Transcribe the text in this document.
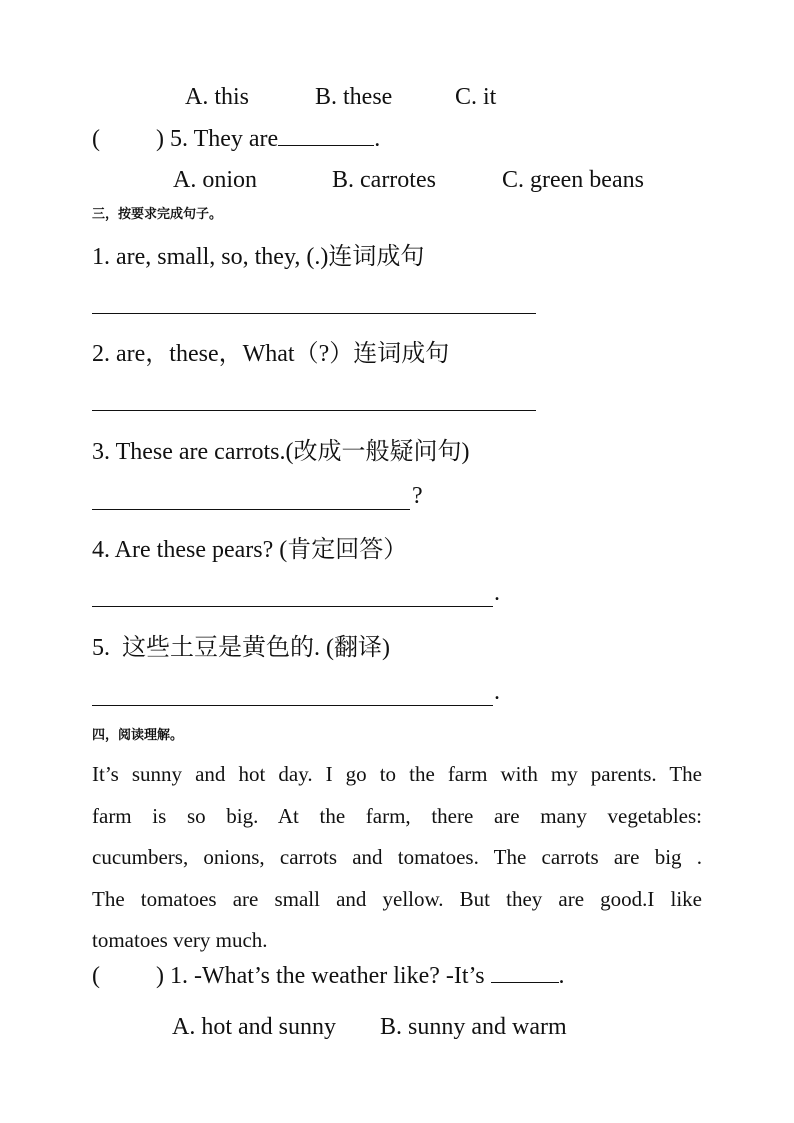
A. this	B. these	C. it
( ) 5. They are	.
A. onion	B. carrotes	C. green beans
三，按要求完成句子。
1. are, small, so, they, (.)连词成句
2. are，these，What（?）连词成句
3. These are carrots.(改成一般疑问句)
?
4. Are these pears? (肯定回答）
.
5.  这些土豆是黄色的. (翻译)
.
四，阅读理解。
It’s sunny and hot day. I go to the farm with my parents. The
farm is so big. At the farm, there are many vegetables:
cucumbers, onions, carrots and tomatoes. The carrots are big .
The tomatoes are small and yellow. But they are good.I like
tomatoes very much.
( ) 1. -What’s the weather like? -It’s	.
A. hot and sunny B. sunny and warm
